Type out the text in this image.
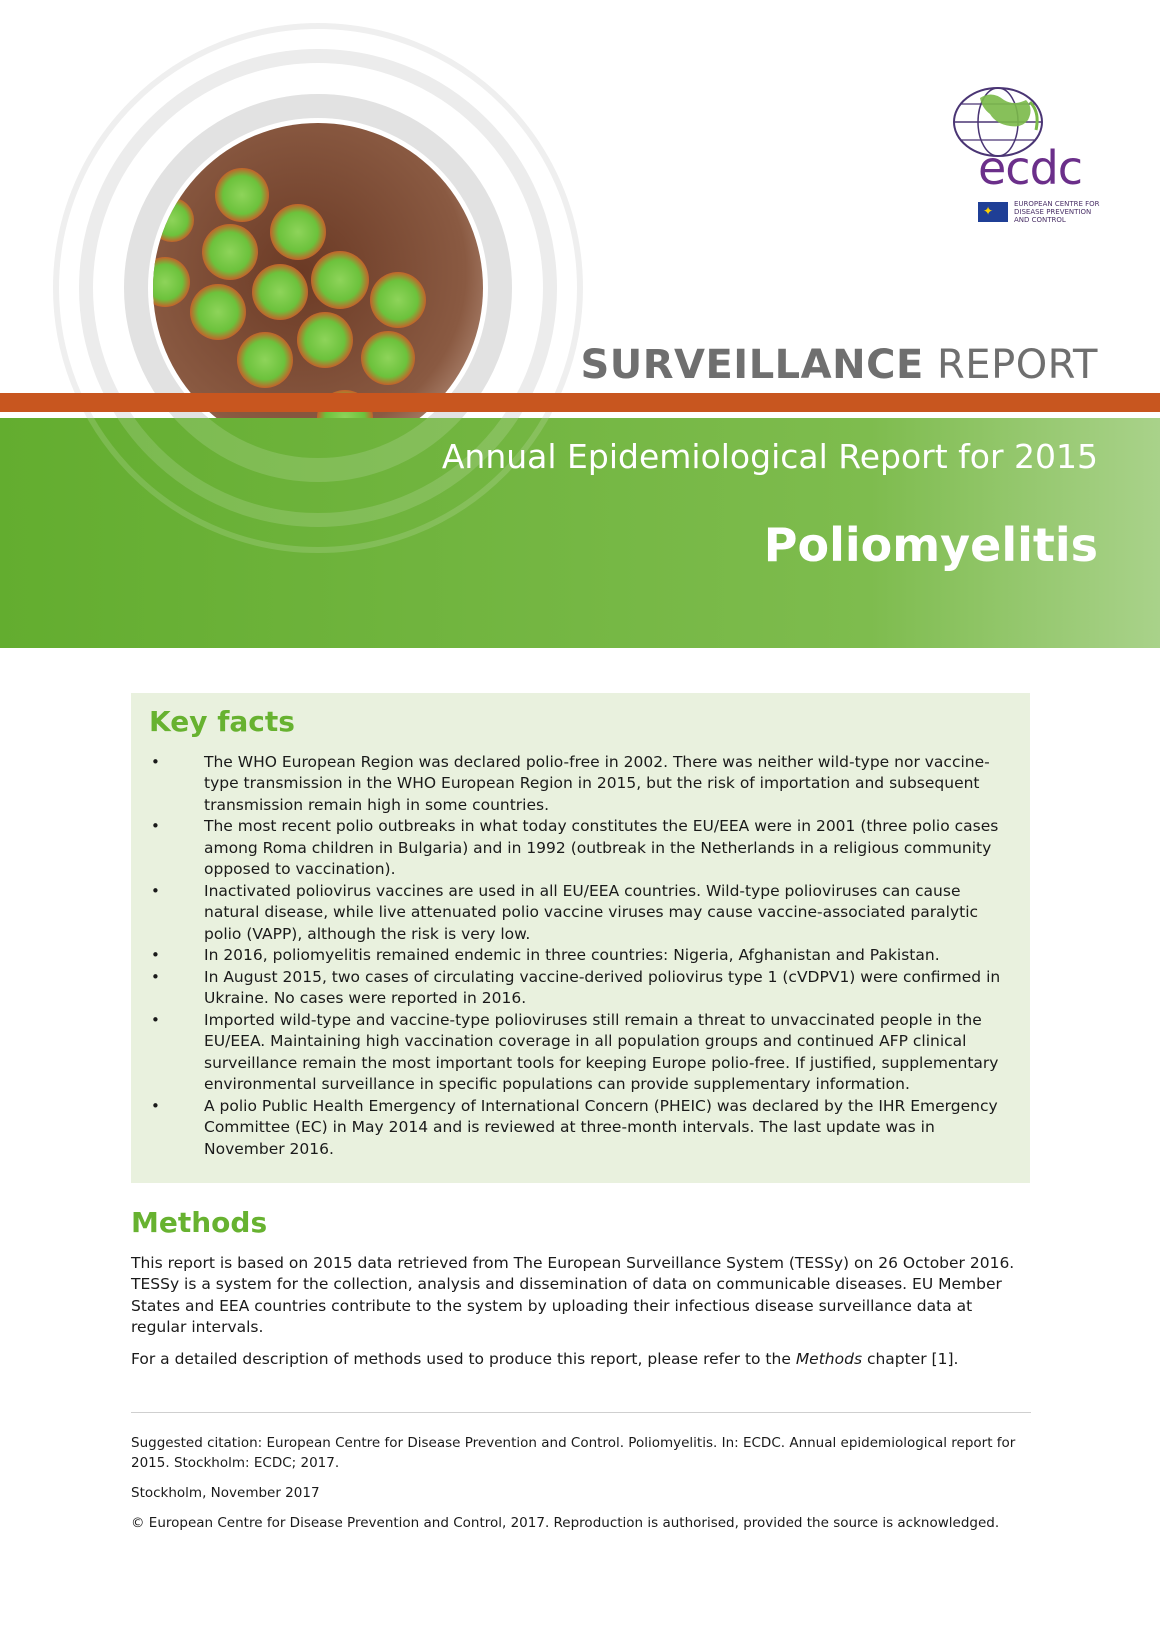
ecdc
✦	EUROPEAN CENTRE FOR
DISEASE PREVENTION
AND CONTROL
SURVEILLANCE REPORT
Annual Epidemiological Report for 2015
Poliomyelitis
Key facts
•	The WHO European Region was declared polio-free in 2002. There was neither wild-type nor vaccine-type transmission in the WHO European Region in 2015, but the risk of importation and subsequent transmission remain high in some countries.
•	The most recent polio outbreaks in what today constitutes the EU/EEA were in 2001 (three polio cases among Roma children in Bulgaria) and in 1992 (outbreak in the Netherlands in a religious community opposed to vaccination).
•	Inactivated poliovirus vaccines are used in all EU/EEA countries. Wild-type polioviruses can cause natural disease, while live attenuated polio vaccine viruses may cause vaccine-associated paralytic polio (VAPP), although the risk is very low.
•	In 2016, poliomyelitis remained endemic in three countries: Nigeria, Afghanistan and Pakistan.
•	In August 2015, two cases of circulating vaccine-derived poliovirus type 1 (cVDPV1) were confirmed in Ukraine. No cases were reported in 2016.
•	Imported wild-type and vaccine-type polioviruses still remain a threat to unvaccinated people in the EU/EEA. Maintaining high vaccination coverage in all population groups and continued AFP clinical surveillance remain the most important tools for keeping Europe polio-free. If justified, supplementary environmental surveillance in specific populations can provide supplementary information.
•	A polio Public Health Emergency of International Concern (PHEIC) was declared by the IHR Emergency Committee (EC) in May 2014 and is reviewed at three-month intervals. The last update was in November 2016.
Methods

This report is based on 2015 data retrieved from The European Surveillance System (TESSy) on 26 October 2016. TESSy is a system for the collection, analysis and dissemination of data on communicable diseases. EU Member States and EEA countries contribute to the system by uploading their infectious disease surveillance data at regular intervals.

For a detailed description of methods used to produce this report, please refer to the Methods chapter [1].

Suggested citation: European Centre for Disease Prevention and Control. Poliomyelitis. In: ECDC. Annual epidemiological report for 2015. Stockholm: ECDC; 2017.

Stockholm, November 2017

© European Centre for Disease Prevention and Control, 2017. Reproduction is authorised, provided the source is acknowledged.
